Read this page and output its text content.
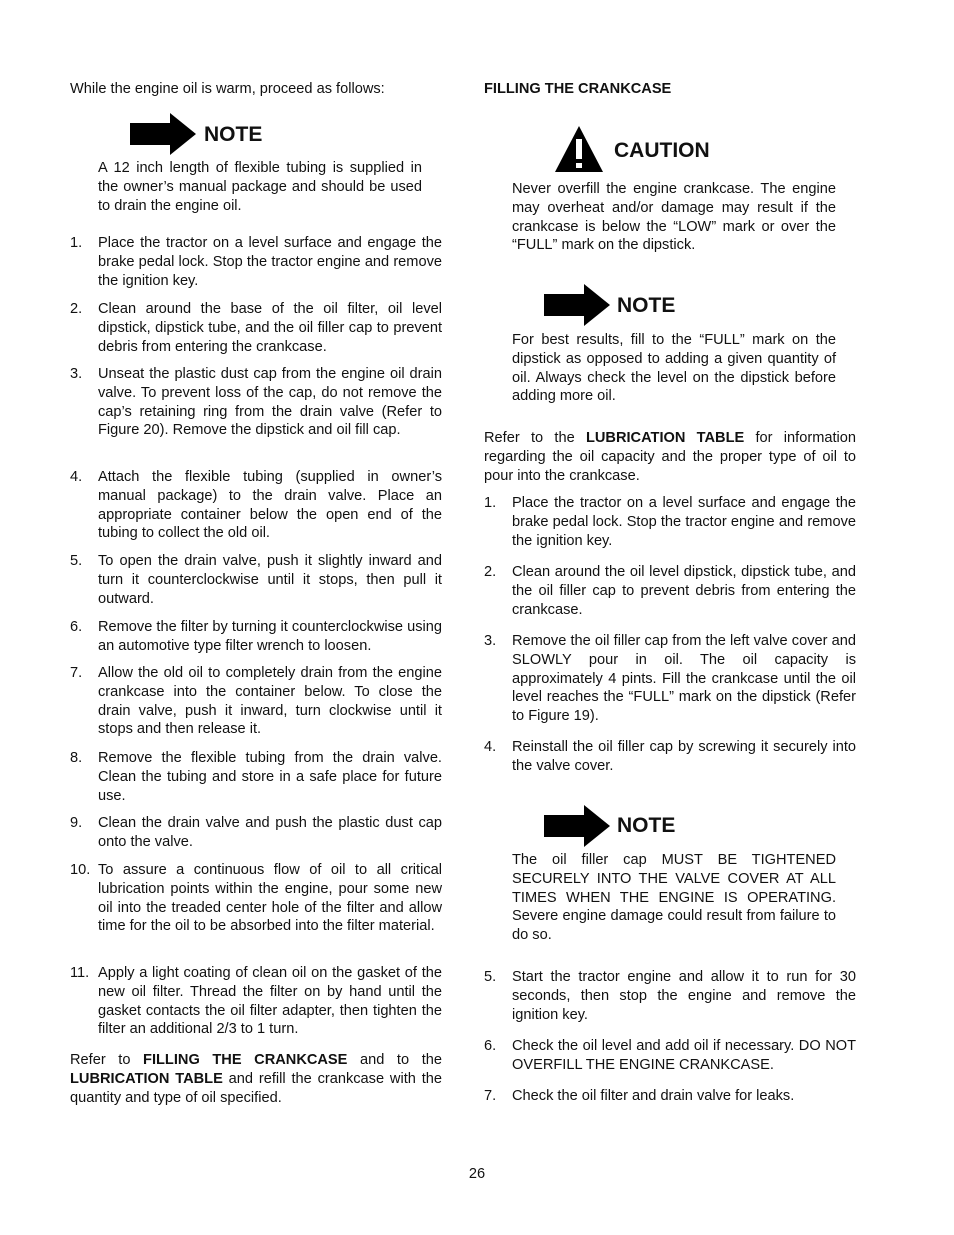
While the engine oil is warm, proceed as follows:
NOTE
A 12 inch length of flexible tubing is supplied in the owner’s manual package and should be used to drain the engine oil.
1. Place the tractor on a level surface and engage the brake pedal lock. Stop the tractor engine and remove the ignition key.
2. Clean around the base of the oil filter, oil level dipstick, dipstick tube, and the oil filler cap to prevent debris from entering the crankcase.
3. Unseat the plastic dust cap from the engine oil drain valve. To prevent loss of the cap, do not remove the cap’s retaining ring from the drain valve (Refer to Figure 20). Remove the dipstick and oil fill cap.
4. Attach the flexible tubing (supplied in owner’s manual package) to the drain valve. Place an appropriate container below the open end of the tubing to collect the old oil.
5. To open the drain valve, push it slightly inward and turn it counterclockwise until it stops, then pull it outward.
6. Remove the filter by turning it counterclockwise using an automotive type filter wrench to loosen.
7. Allow the old oil to completely drain from the engine crankcase into the container below. To close the drain valve, push it inward, turn clockwise until it stops and then release it.
8. Remove the flexible tubing from the drain valve. Clean the tubing and store in a safe place for future use.
9. Clean the drain valve and push the plastic dust cap onto the valve.
10. To assure a continuous flow of oil to all critical lubrication points within the engine, pour some new oil into the treaded center hole of the filter and allow time for the oil to be absorbed into the filter material.
11. Apply a light coating of clean oil on the gasket of the new oil filter. Thread the filter on by hand until the gasket contacts the oil filter adapter, then tighten the filter an additional 2/3 to 1 turn.
Refer to FILLING THE CRANKCASE and to the LUBRICATION TABLE and refill the crankcase with the quantity and type of oil specified.
FILLING THE CRANKCASE
CAUTION
Never overfill the engine crankcase. The engine may overheat and/or damage may result if the crankcase is below the “LOW” mark or over the “FULL” mark on the dipstick.
NOTE
For best results, fill to the “FULL” mark on the dipstick as opposed to adding a given quantity of oil. Always check the level on the dipstick before adding more oil.
Refer to the LUBRICATION TABLE for information regarding the oil capacity and the proper type of oil to pour into the crankcase.
1. Place the tractor on a level surface and engage the brake pedal lock. Stop the tractor engine and remove the ignition key.
2. Clean around the oil level dipstick, dipstick tube, and the oil filler cap to prevent debris from entering the crankcase.
3. Remove the oil filler cap from the left valve cover and SLOWLY pour in oil. The oil capacity is approximately 4 pints. Fill the crankcase until the oil level reaches the “FULL” mark on the dipstick (Refer to Figure 19).
4. Reinstall the oil filler cap by screwing it securely into the valve cover.
NOTE
The oil filler cap MUST BE TIGHTENED SECURELY INTO THE VALVE COVER AT ALL TIMES WHEN THE ENGINE IS OPERATING. Severe engine damage could result from failure to do so.
5. Start the tractor engine and allow it to run for 30 seconds, then stop the engine and remove the ignition key.
6. Check the oil level and add oil if necessary. DO NOT OVERFILL THE ENGINE CRANKCASE.
7. Check the oil filter and drain valve for leaks.
26
